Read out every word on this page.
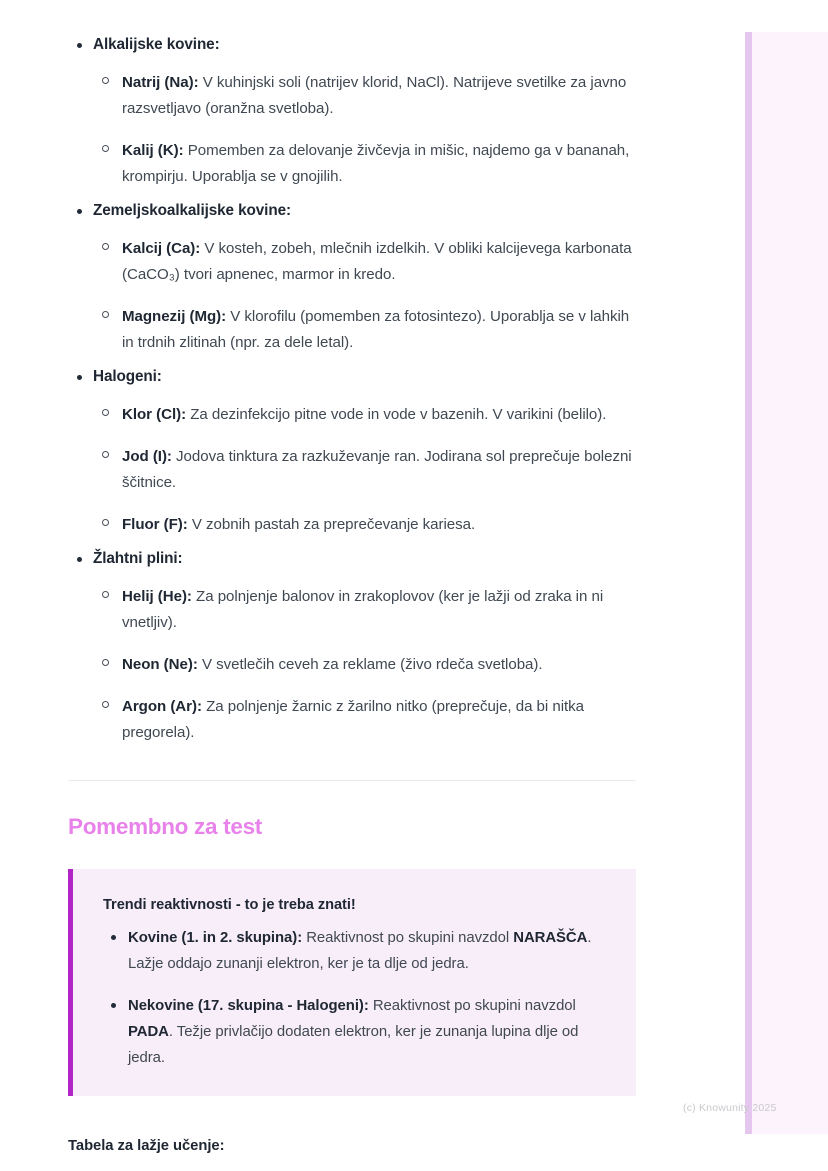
Alkalijske kovine:
Natrij (Na): V kuhinjski soli (natrijev klorid, NaCl). Natrijeve svetilke za javno razsvetljavo (oranžna svetloba).
Kalij (K): Pomemben za delovanje živčevja in mišic, najdemo ga v bananah, krompirju. Uporablja se v gnojilih.
Zemeljskoalkalijske kovine:
Kalcij (Ca): V kosteh, zobeh, mlečnih izdelkih. V obliki kalcijevega karbonata (CaCO₃) tvori apnenec, marmor in kredo.
Magnezij (Mg): V klorofilu (pomemben za fotosintezo). Uporablja se v lahkih in trdnih zlitinah (npr. za dele letal).
Halogeni:
Klor (Cl): Za dezinfekcijo pitne vode in vode v bazenih. V varikini (belilo).
Jod (I): Jodova tinktura za razkuževanje ran. Jodirana sol preprečuje bolezni ščitnice.
Fluor (F): V zobnih pastah za preprečevanje kariesa.
Žlahtni plini:
Helij (He): Za polnjenje balonov in zrakoplovov (ker je lažji od zraka in ni vnetljiv).
Neon (Ne): V svetlečih ceveh za reklame (živo rdeča svetloba).
Argon (Ar): Za polnjenje žarnic z žarilno nitko (preprečuje, da bi nitka pregorela).
Pomembno za test
Trendi reaktivnosti - to je treba znati!
Kovine (1. in 2. skupina): Reaktivnost po skupini navzdol NARAŠČA. Lažje oddajo zunanji elektron, ker je ta dlje od jedra.
Nekovine (17. skupina - Halogeni): Reaktivnost po skupini navzdol PADA. Težje privlačijo dodaten elektron, ker je zunanja lupina dlje od jedra.
Tabela za lažje učenje:
(c) Knowunity 2025
